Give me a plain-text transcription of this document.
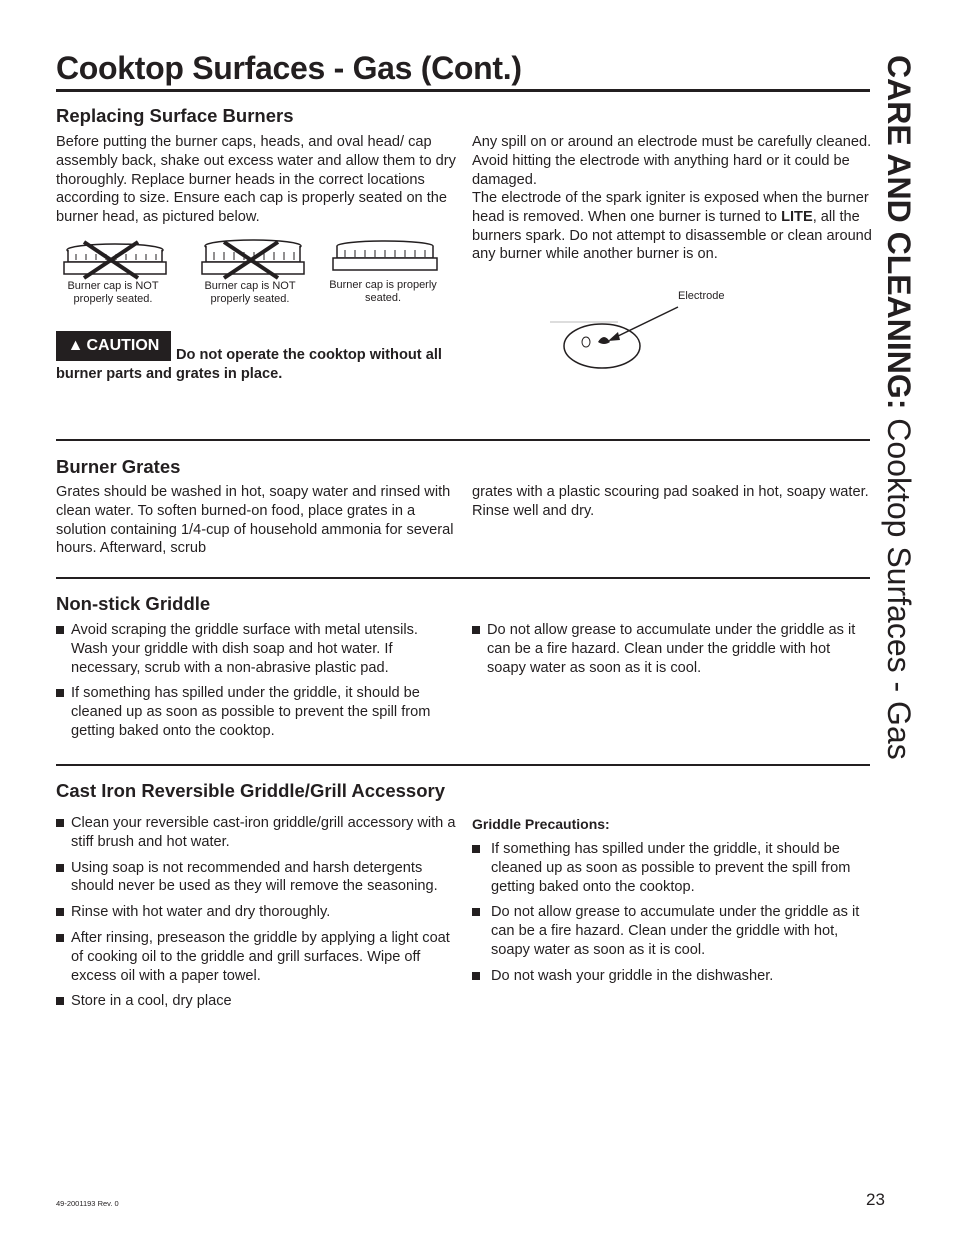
Cooktop Surfaces - Gas (Cont.)	CARE AND CLEANING: Cooktop Surfaces - Gas
Replacing Surface Burners
Before putting the burner caps, heads, and oval head/ cap assembly back, shake out excess water and allow them to dry thoroughly. Replace burner heads in the correct locations according to size. Ensure each cap is properly seated on the burner head, as pictured below.
Any spill on or around an electrode must be carefully cleaned. Avoid hitting the electrode with anything hard or it could be damaged.
The electrode of the spark igniter is exposed when the burner head is removed. When one burner is turned to LITE, all the burners spark. Do not attempt to disassemble or clean around any burner while another burner is on.
Burner cap is NOT properly seated.
Burner cap is NOT properly seated.
Burner cap is properly seated.	Electrode
▲ CAUTION
Do not operate the cooktop without all burner parts and grates in place.
Burner Grates
Grates should be washed in hot, soapy water and rinsed with clean water. To soften burned-on food, place grates in a solution containing 1/4-cup of household ammonia for several hours. Afterward, scrub
grates with a plastic scouring pad soaked in hot, soapy water. Rinse well and dry.
Non-stick Griddle
Avoid scraping the griddle surface with metal utensils. Wash your griddle with dish soap and hot water. If necessary, scrub with a non-abrasive plastic pad.
If something has spilled under the griddle, it should be cleaned up as soon as possible to prevent the spill from getting baked onto the cooktop.
Do not allow grease to accumulate under the griddle as it can be a fire hazard. Clean under the griddle with hot soapy water as soon as it is cool.
Cast Iron Reversible Griddle/Grill Accessory
Clean your reversible cast-iron griddle/grill accessory with a stiff brush and hot water.
Using soap is not recommended and harsh detergents should never be used as they will remove the seasoning.
Rinse with hot water and dry thoroughly.
After rinsing, preseason the griddle by applying a light coat of cooking oil to the griddle and grill surfaces. Wipe off excess oil with a paper towel.
Store in a cool, dry place
Griddle Precautions:
If something has spilled under the griddle, it should be cleaned up as soon as possible to prevent the spill from getting baked onto the cooktop.
Do not allow grease to accumulate under the griddle as it can be a fire hazard. Clean under the griddle with hot, soapy water as soon as it is cool.
Do not wash your griddle in the dishwasher.
49-2001193 Rev. 0	23
